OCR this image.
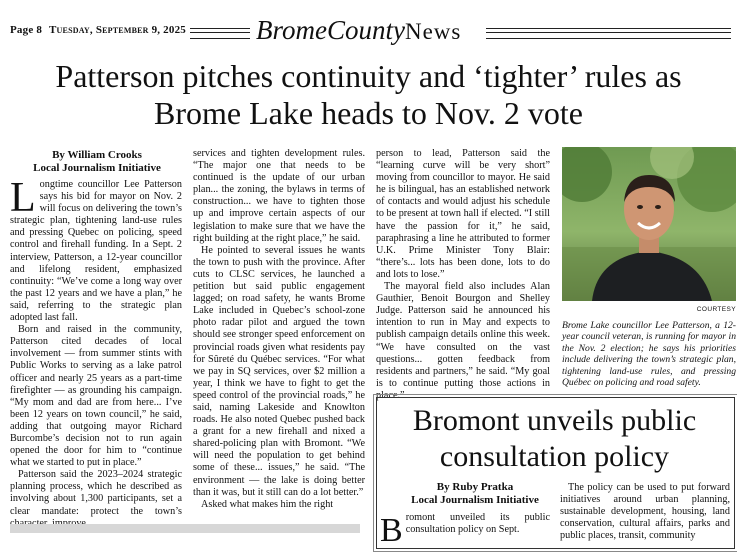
Page 8 Tuesday, September 9, 2025	BromeCountyNews
Patterson pitches continuity and ‘tighter’ rules as Brome Lake heads to Nov. 2 vote
By William Crooks
Local Journalism Initiative

Longtime councillor Lee Patterson says his bid for mayor on Nov. 2 will focus on delivering the town’s strategic plan, tightening land-use rules and pressing Quebec on policing, speed control and firehall funding. In a Sept. 2 interview, Patterson, a 12-year councillor and lifelong resident, emphasized continuity: “We’ve come a long way over the past 12 years and we have a plan,” he said, referring to the strategic plan adopted last fall.

Born and raised in the community, Patterson cited decades of local involvement — from summer stints with Public Works to serving as a lake patrol officer and nearly 25 years as a part-time firefighter — as grounding his campaign. “My mom and dad are from here... I’ve been 12 years on town council,” he said, adding that outgoing mayor Richard Burcombe’s decision not to run again opened the door for him to “continue what we started to put in place.”

Patterson said the 2023–2024 strategic planning process, which he described as involving about 1,300 participants, set a clear mandate: protect the town’s

services and tighten development rules. “The major one that needs to be continued is the update of our urban plan... the zoning, the bylaws in terms of construction... we have to tighten those up and improve certain aspects of our legislation to make sure that we have the right building at the right place,” he said.

He pointed to several issues he wants the town to push with the province. After cuts to CLSC services, he launched a petition but said public engagement lagged; on road safety, he wants Brome Lake included in Quebec’s school-zone photo radar pilot and argued the town should see stronger speed enforcement on provincial roads given what residents pay for Sûreté du Québec services. “For what we pay in SQ services, over $2 million a year, I think we have to fight to get the speed control of the provincial roads,” he said, naming Lakeside and Knowlton roads. He also noted Quebec pushed back a grant for a new firehall and nixed a shared-policing plan with Bromont. “We will need the population to get behind some of these... issues,” he said. “The environment — the lake is doing better than it was, but it still can do a lot better.”

Asked what makes him the right

person to lead, Patterson said the “learning curve will be very short” moving from councillor to mayor. He said he is bilingual, has an established network of contacts and would adjust his schedule to be present at town hall if elected. “I still have the passion for it,” he said, paraphrasing a line he attributed to former U.K. Prime Minister Tony Blair: “there’s... lots has been done, lots to do and lots to lose.”

The mayoral field also includes Alan Gauthier, Benoit Bourgon and Shelley Judge. Patterson said he announced his intention to run in May and expects to publish campaign details online this week. “We have consulted on the vast questions... gotten feedback from residents and partners,” he said. “My goal is to continue putting those actions in place.”

COURTESY
Brome Lake councillor Lee Patterson, a 12-year council veteran, is running for mayor in the Nov. 2 election; he says his priorities include delivering the town’s strategic plan, tightening land-use rules, and pressing Québec on policing and road safety.
Bromont unveils public consultation policy
By Ruby Pratka
Local Journalism Initiative

Bromont unveiled its public consultation policy on Sept.

The policy can be used to put forward initiatives around urban planning, sustainable development, housing, land conservation, cultural affairs, parks and public places, transit, community
